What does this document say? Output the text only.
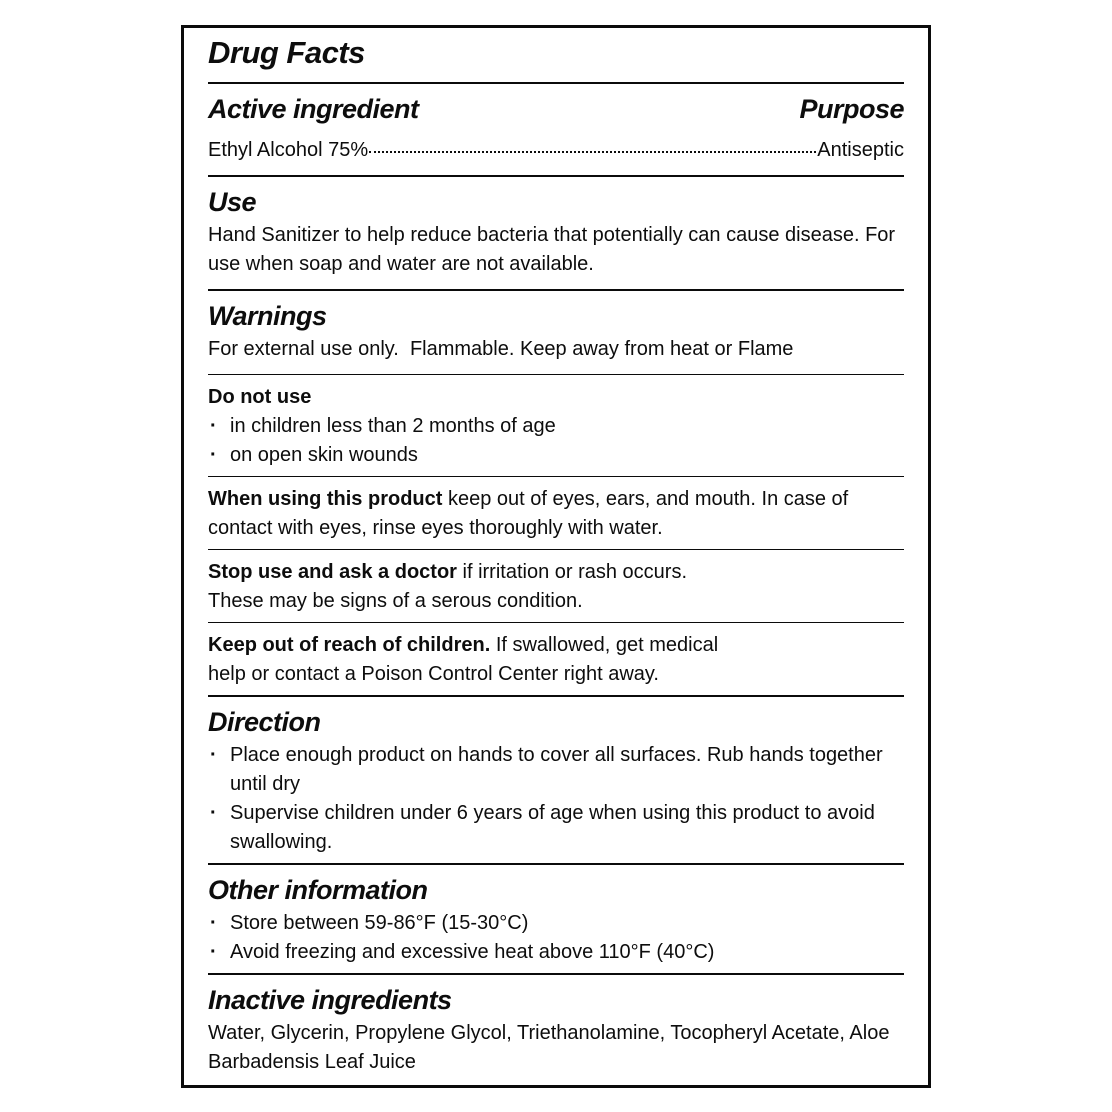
Drug Facts
Active ingredient	Purpose
Ethyl Alcohol 75%	Antiseptic
Use

Hand Sanitizer to help reduce bacteria that potentially can cause disease. For use when soap and water are not available.

Warnings

For external use only.  Flammable. Keep away from heat or Flame

Do not use

· in children less than 2 months of age
· on open skin wounds

When using this product keep out of eyes, ears, and mouth. In case of contact with eyes, rinse eyes thoroughly with water.

Stop use and ask a doctor if irritation or rash occurs.

These may be signs of a serous condition.

Keep out of reach of children. If swallowed, get medical

help or contact a Poison Control Center right away.

Direction
· Place enough product on hands to cover all surfaces. Rub hands together until dry
· Supervise children under 6 years of age when using this product to avoid swallowing.
Other information
· Store between 59-86°F (15-30°C)
· Avoid freezing and excessive heat above 110°F (40°C)
Inactive ingredients

Water, Glycerin, Propylene Glycol, Triethanolamine, Tocopheryl Acetate, Aloe Barbadensis Leaf Juice
